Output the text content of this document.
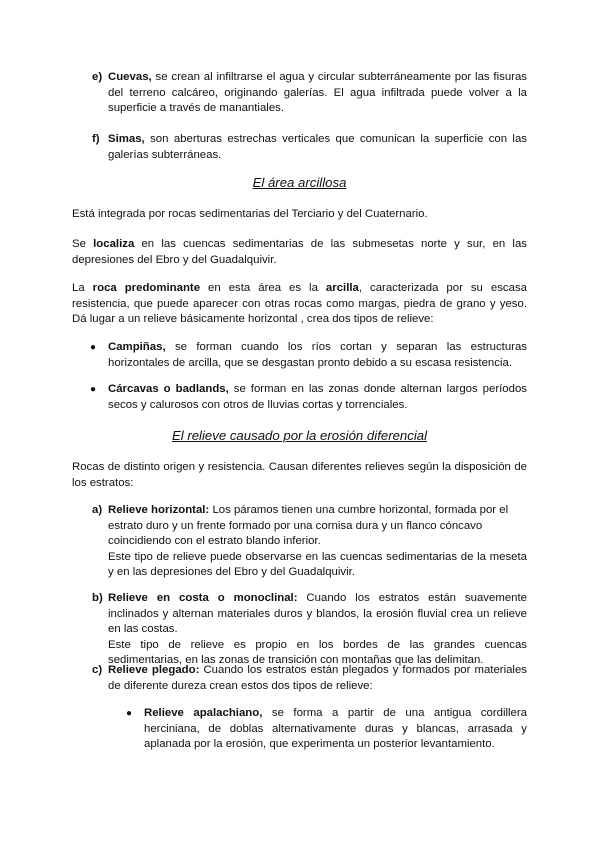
e) Cuevas, se crean al infiltrarse el agua y circular subterráneamente por las fisuras del terreno calcáreo, originando galerías. El agua infiltrada puede volver a la superficie a través de manantiales.

f) Simas, son aberturas estrechas verticales que comunican la superficie con las galerías subterráneas.

El área arcillosa

Está integrada por rocas sedimentarias del Terciario y del Cuaternario.

Se localiza en las cuencas sedimentarias de las submesetas norte y sur, en las depresiones del Ebro y del Guadalquivir.

La roca predominante en esta área es la arcilla, caracterizada por su escasa resistencia, que puede aparecer con otras rocas como margas, piedra de grano y yeso. Dá lugar a un relieve básicamente horizontal , crea dos tipos de relieve:

● Campiñas, se forman cuando los ríos cortan y separan las estructuras horizontales de arcilla, que se desgastan pronto debido a su escasa resistencia.

● Cárcavas o badlands, se forman en las zonas donde alternan largos períodos secos y calurosos con otros de lluvias cortas y torrenciales.

El relieve causado por la erosión diferencial

Rocas de distinto origen y resistencia. Causan diferentes relieves según la disposición de los estratos:

a) Relieve horizontal: Los páramos tienen una cumbre horizontal, formada por el estrato duro y un frente formado por una cornisa dura y un flanco cóncavo coincidiendo con el estrato blando inferior.

Este tipo de relieve puede observarse en las cuencas sedimentarias de la meseta y en las depresiones del Ebro y del Guadalquivir.

b) Relieve en costa o monoclinal: Cuando los estratos están suavemente inclinados y alternan materiales duros y blandos, la erosión fluvial crea un relieve en las costas.

Este tipo de relieve es propio en los bordes de las grandes cuencas sedimentarias, en las zonas de transición con montañas que las delimitan.

c) Relieve plegado: Cuando los estratos están plegados y formados por materiales de diferente dureza crean estos dos tipos de relieve:

● Relieve apalachiano, se forma a partir de una antigua cordillera herciniana, de doblas alternativamente duras y blancas, arrasada y aplanada por la erosión, que experimenta un posterior levantamiento.
